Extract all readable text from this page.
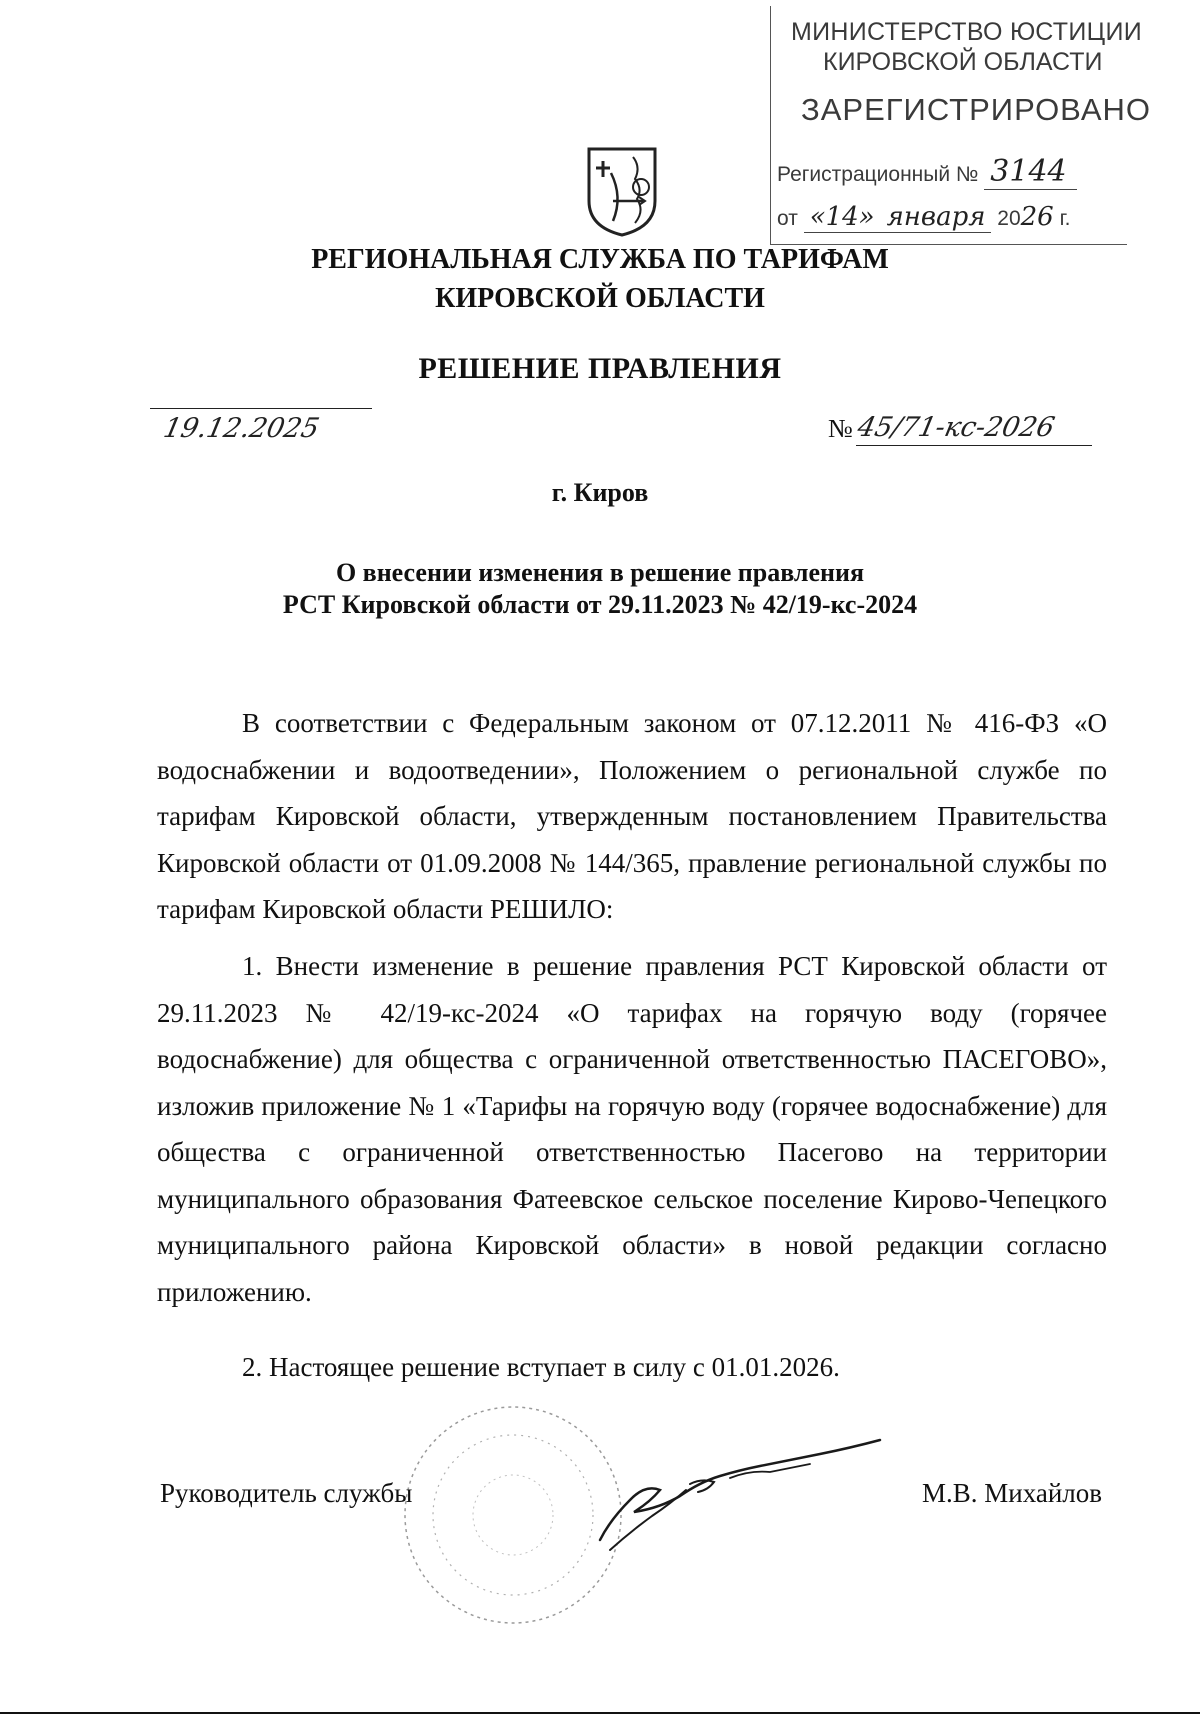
МИНИСТЕРСТВО ЮСТИЦИИ
КИРОВСКОЙ ОБЛАСТИ
ЗАРЕГИСТРИРОВАНО
Регистрационный № 3144
от «14» января 2026 г.
РЕГИОНАЛЬНАЯ СЛУЖБА ПО ТАРИФАМ
КИРОВСКОЙ ОБЛАСТИ
РЕШЕНИЕ ПРАВЛЕНИЯ
19.12.2025	№ 45/71-кс-2026
г. Киров
О внесении изменения в решение правления
РСТ Кировской области от 29.11.2023 № 42/19-кс-2024
В соответствии с Федеральным законом от 07.12.2011 № 416-ФЗ «О водоснабжении и водоотведении», Положением о региональной службе по тарифам Кировской области, утвержденным постановлением Правительства Кировской области от 01.09.2008 № 144/365, правление региональной службы по тарифам Кировской области РЕШИЛО:
1. Внести изменение в решение правления РСТ Кировской области от 29.11.2023 № 42/19-кс-2024 «О тарифах на горячую воду (горячее водоснабжение) для общества с ограниченной ответственностью ПАСЕГОВО», изложив приложение № 1 «Тарифы на горячую воду (горячее водоснабжение) для общества с ограниченной ответственностью Пасегово на территории муниципального образования Фатеевское сельское поселение Кирово-Чепецкого муниципального района Кировской области» в новой редакции согласно приложению.
2. Настоящее решение вступает в силу с 01.01.2026.
Руководитель службы	М.В. Михайлов
